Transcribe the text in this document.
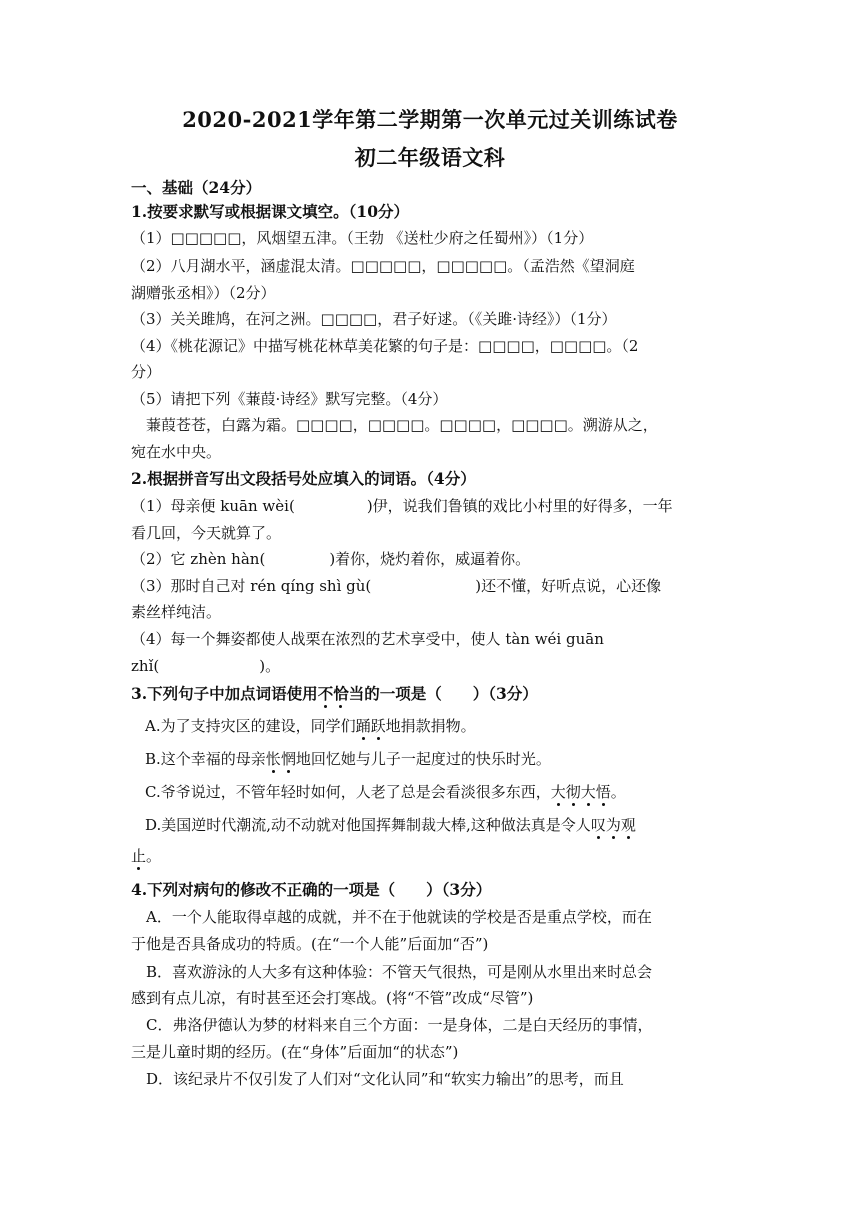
2020-2021学年第二学期第一次单元过关训练试卷
初二年级语文科
一、基础（24分）
1.按要求默写或根据课文填空。（10分）
（1）□□□□□，风烟望五津。（王勃 《送杜少府之任蜀州》）（1分）
（2）八月湖水平，涵虚混太清。□□□□□，□□□□□。（孟浩然《望洞庭
湖赠张丞相》）（2分）
（3）关关雎鸠，在河之洲。□□□□，君子好逑。（《关雎·诗经》）（1分）
（4）《桃花源记》中描写桃花林草美花繁的句子是：□□□□，□□□□。（2
分）
（5）请把下列《蒹葭·诗经》默写完整。（4分）
　蒹葭苍苍，白露为霜。□□□□，□□□□。□□□□，□□□□。溯游从之，
宛在水中央。
2.根据拼音写出文段括号处应填入的词语。（4分）
（1）母亲便 kuān wèi(	)伊，说我们鲁镇的戏比小村里的好得多，一年
看几回，今天就算了。
（2）它 zhèn hàn(	)着你，烧灼着你，威逼着你。
（3）那时自己对 rén qíng shì gù(	)还不懂，好听点说，心还像
素丝样纯洁。
（4）每一个舞姿都使人战栗在浓烈的艺术享受中，使人 tàn wéi guān
zhǐ(	)。
3.下列句子中加点词语使用不恰当的一项是（　　）（3分）
A.为了支持灾区的建设，同学们踊跃地捐款捐物。
B.这个幸福的母亲怅惘地回忆她与儿子一起度过的快乐时光。
C.爷爷说过，不管年轻时如何，人老了总是会看淡很多东西，大彻大悟。
D.美国逆时代潮流,动不动就对他国挥舞制裁大棒,这种做法真是令人叹为观
止。
4.下列对病句的修改不正确的一项是（　　）（3分）
　A．一个人能取得卓越的成就，并不在于他就读的学校是否是重点学校，而在
于他是否具备成功的特质。(在“一个人能”后面加“否”)
　B．喜欢游泳的人大多有这种体验：不管天气很热，可是刚从水里出来时总会
感到有点儿凉，有时甚至还会打寒战。(将“不管”改成“尽管”)
　C．弗洛伊德认为梦的材料来自三个方面：一是身体，二是白天经历的事情，
三是儿童时期的经历。(在“身体”后面加“的状态”)
　D．该纪录片不仅引发了人们对“文化认同”和“软实力输出”的思考，而且
